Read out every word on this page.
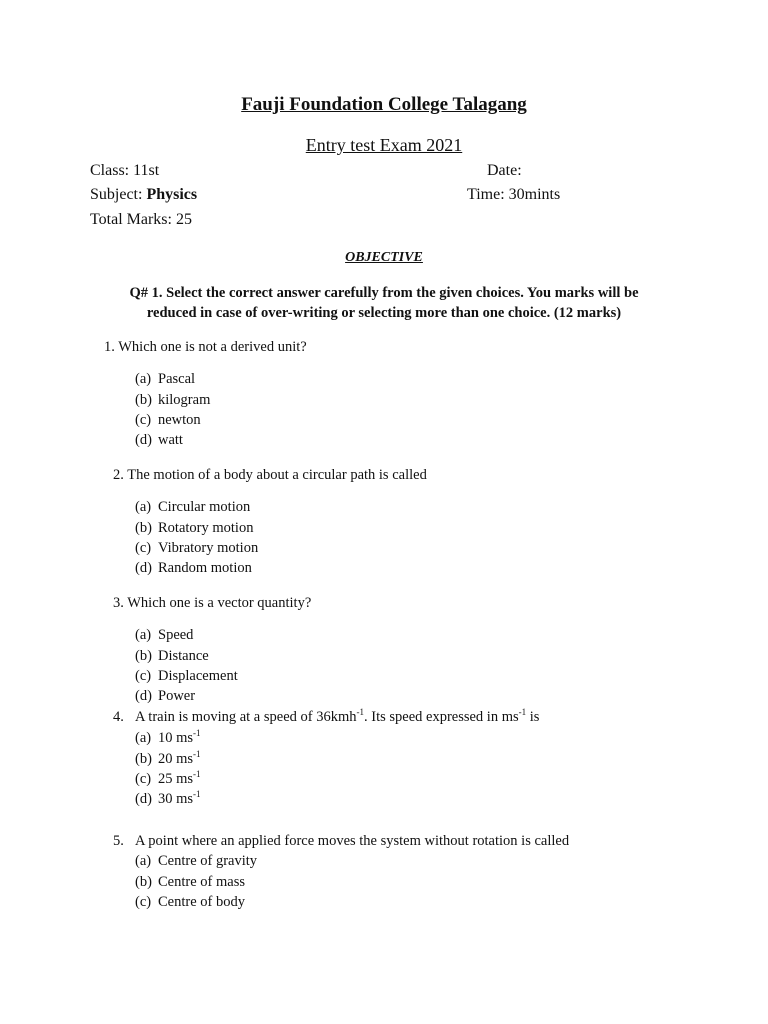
Fauji Foundation College Talagang
Entry test Exam 2021
Class: 11st	Date:
Subject: Physics	Time: 30mints
Total Marks: 25
OBJECTIVE
Q# 1. Select the correct answer carefully from the given choices. You marks will be reduced in case of over-writing or selecting more than one choice. (12 marks)
1. Which one is not a derived unit?
(a) Pascal
(b) kilogram
(c) newton
(d) watt
2. The motion of a body about a circular path is called
(a) Circular motion
(b) Rotatory motion
(c) Vibratory motion
(d) Random motion
3. Which one is a vector quantity?
(a) Speed
(b) Distance
(c) Displacement
(d) Power
4. A train is moving at a speed of 36kmh$^{-1}$. Its speed expressed in $ms^{-1}$ is
(a) 10 $ms^{-1}$
(b) 20 $ms^{-1}$
(c) 25 $ms^{-1}$
(d) 30 $ms^{-1}$
5. A point where an applied force moves the system without rotation is called
(a) Centre of gravity
(b) Centre of mass
(c) Centre of body
